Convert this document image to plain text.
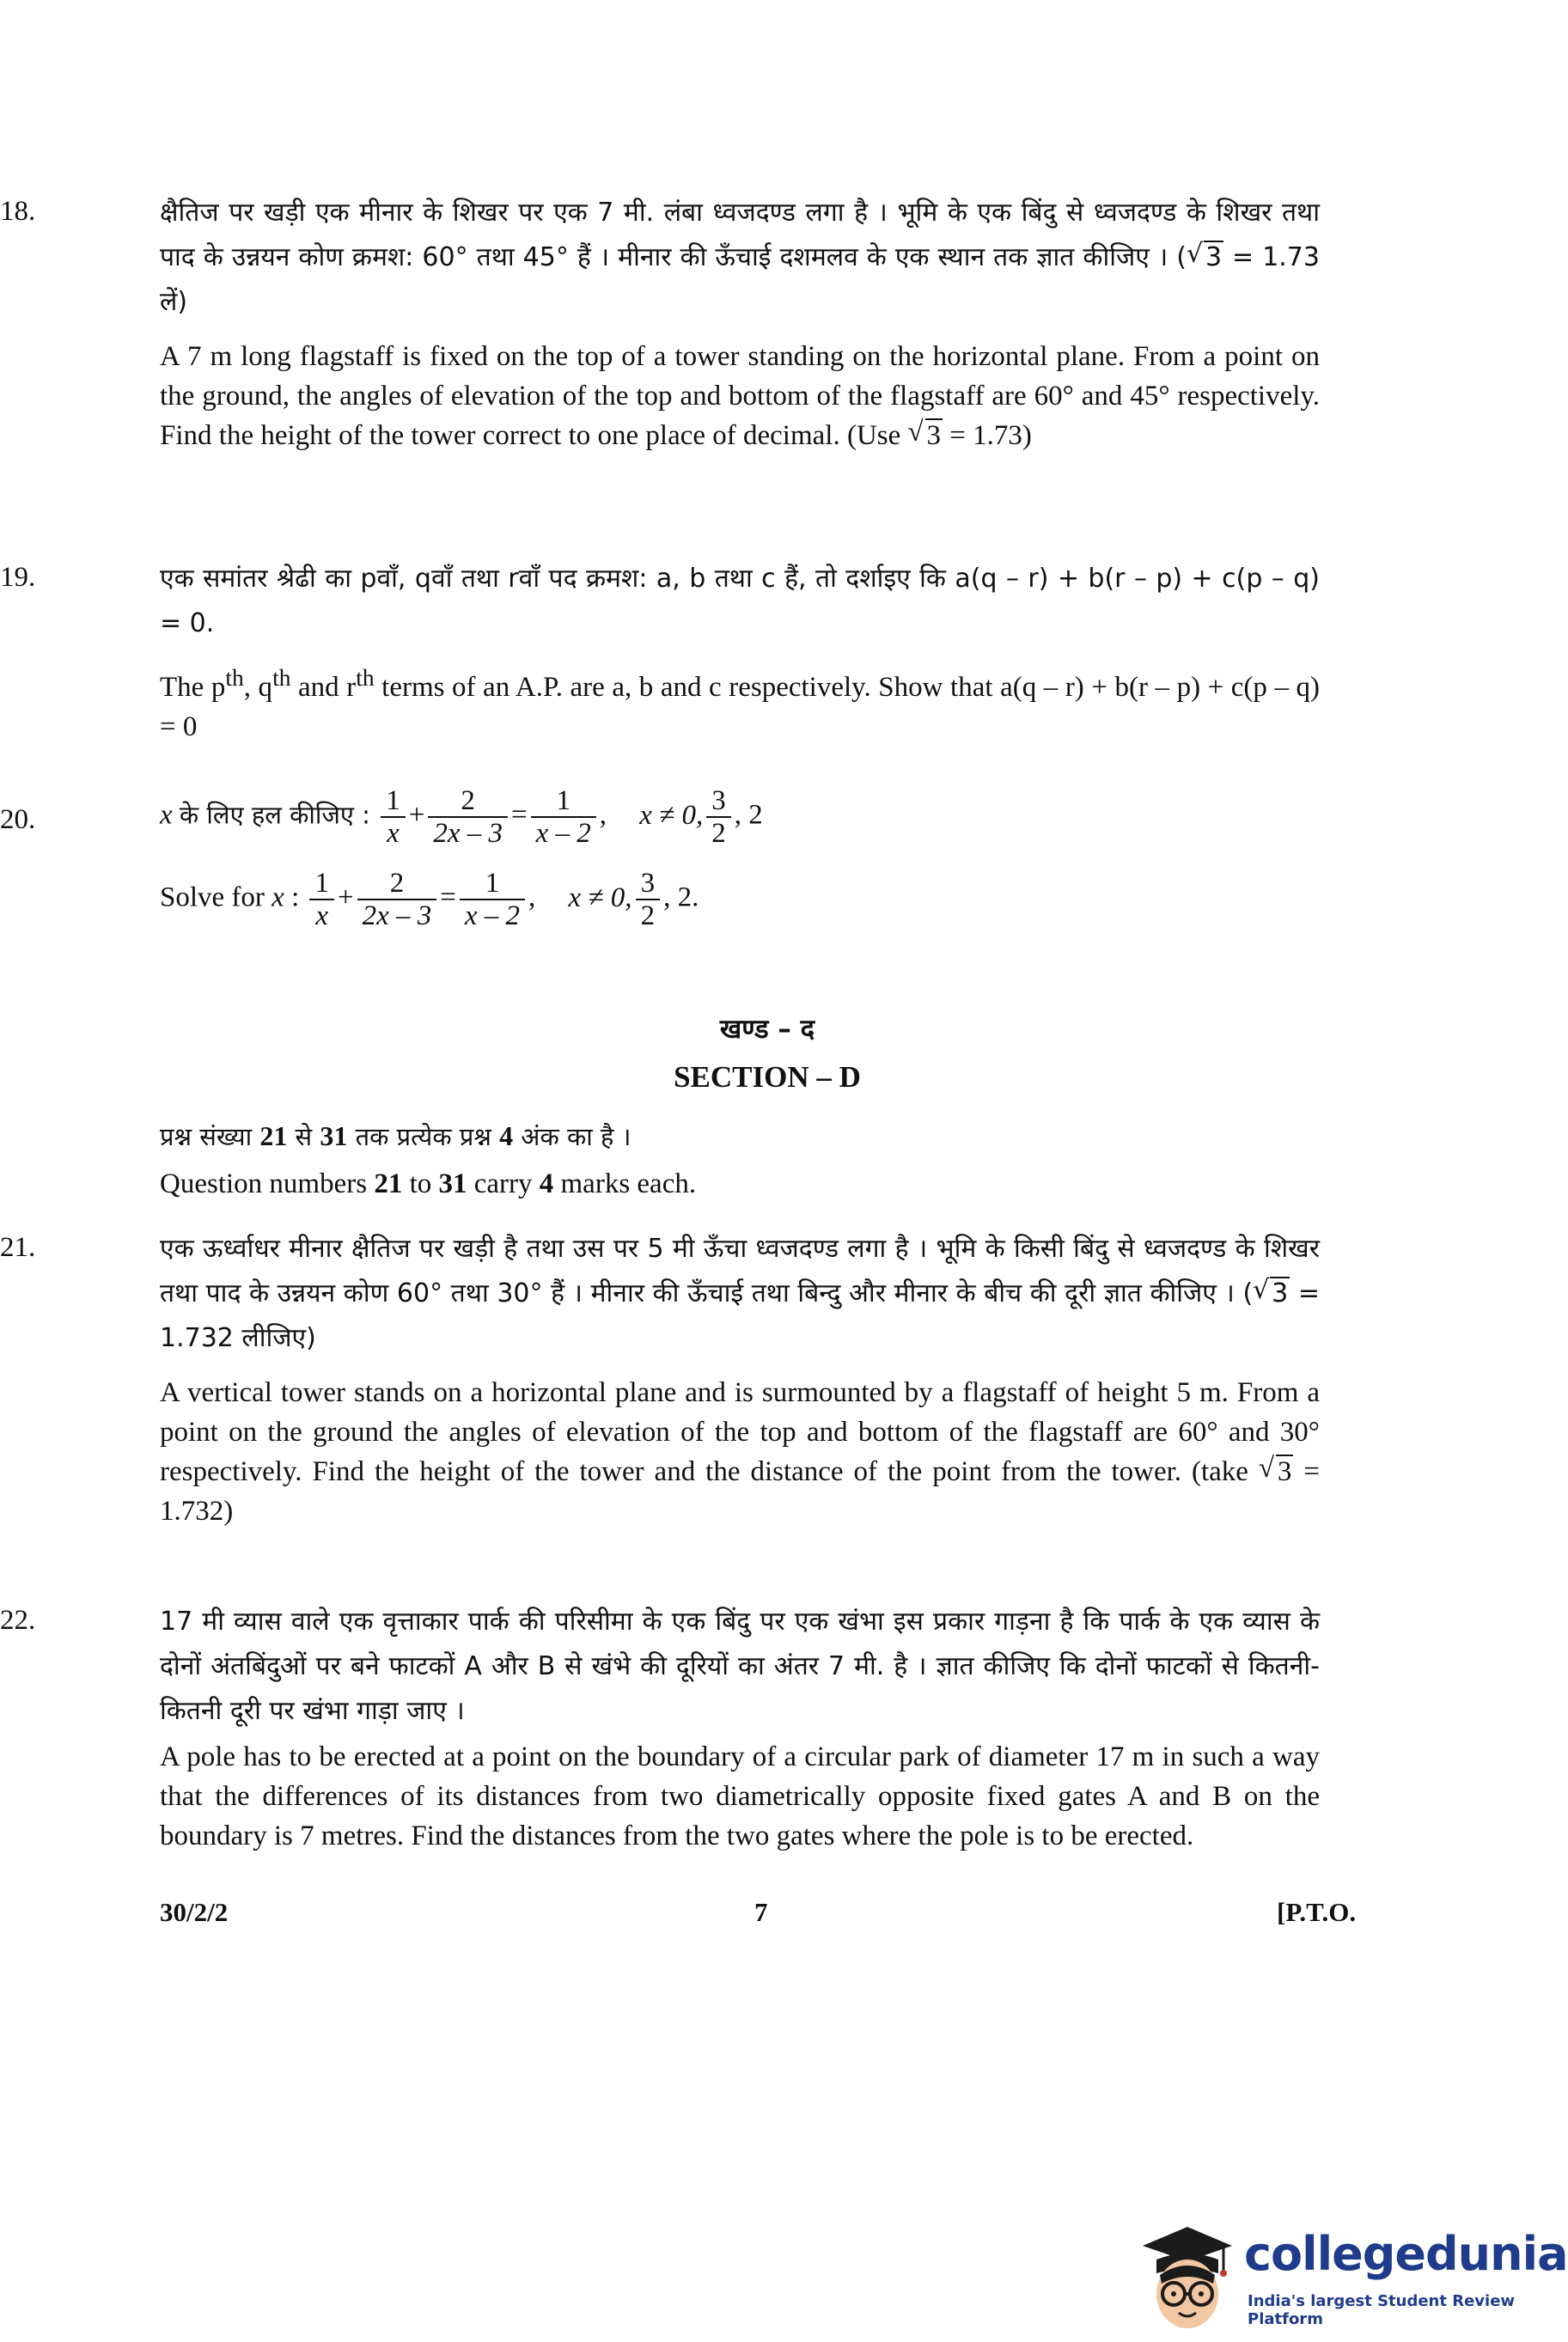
18.	क्षैतिज पर खड़ी एक मीनार के शिखर पर एक 7 मी. लंबा ध्वजदण्ड लगा है । भूमि के एक बिंदु से ध्वजदण्ड के शिखर तथा पाद के उन्नयन कोण क्रमश: 60° तथा 45° हैं । मीनार की ऊँचाई दशमलव के एक स्थान तक ज्ञात कीजिए । ( √ 3 = 1.73 लें)

A 7 m long flagstaff is fixed on the top of a tower standing on the horizontal plane. From a point on the ground, the angles of elevation of the top and bottom of the flagstaff are 60° and 45° respectively. Find the height of the tower correct to one place of decimal. (Use √ 3 = 1.73)

19.	एक समांतर श्रेढी का pवाँ, qवाँ तथा rवाँ पद क्रमश: a, b तथा c हैं, तो दर्शाइए कि a(q – r) + b(r – p) + c(p – q) = 0.

The $p^{th}$, $q^{th}$ and $r^{th}$ terms of an A.P. are a, b and c respectively. Show that a(q – r) + b(r – p) + c(p – q) = 0

20.	x के लिए हल कीजिए : $\frac{1}{x} + \frac{2}{2x - 3} = \frac{1}{x - 2}$ , x ≠ 0, $\frac{3}{2}$ , 2
Solve for x : $\frac{1}{x} + \frac{2}{2x - 3} = \frac{1}{x - 2}$ , x ≠ 0, $\frac{3}{2}$ , 2.
खण्ड – द
SECTION – D

प्रश्न संख्या 21 से 31 तक प्रत्येक प्रश्न 4 अंक का है ।

Question numbers 21 to 31 carry 4 marks each.

21.	एक ऊर्ध्वाधर मीनार क्षैतिज पर खड़ी है तथा उस पर 5 मी ऊँचा ध्वजदण्ड लगा है । भूमि के किसी बिंदु से ध्वजदण्ड के शिखर तथा पाद के उन्नयन कोण 60° तथा 30° हैं । मीनार की ऊँचाई तथा बिन्दु और मीनार के बीच की दूरी ज्ञात कीजिए । ( √ 3 = 1.732 लीजिए)

A vertical tower stands on a horizontal plane and is surmounted by a flagstaff of height 5 m. From a point on the ground the angles of elevation of the top and bottom of the flagstaff are 60° and 30° respectively. Find the height of the tower and the distance of the point from the tower. (take √ 3 = 1.732)

22.	17 मी व्यास वाले एक वृत्ताकार पार्क की परिसीमा के एक बिंदु पर एक खंभा इस प्रकार गाड़ना है कि पार्क के एक व्यास के दोनों अंतबिंदुओं पर बने फाटकों A और B से खंभे की दूरियों का अंतर 7 मी. है । ज्ञात कीजिए कि दोनों फाटकों से कितनी-कितनी दूरी पर खंभा गाड़ा जाए ।

A pole has to be erected at a point on the boundary of a circular park of diameter 17 m in such a way that the differences of its distances from two diametrically opposite fixed gates A and B on the boundary is 7 metres. Find the distances from the two gates where the pole is to be erected.

30/2/2	7	[P.T.O.
collegedunia
India's largest Student Review Platform
